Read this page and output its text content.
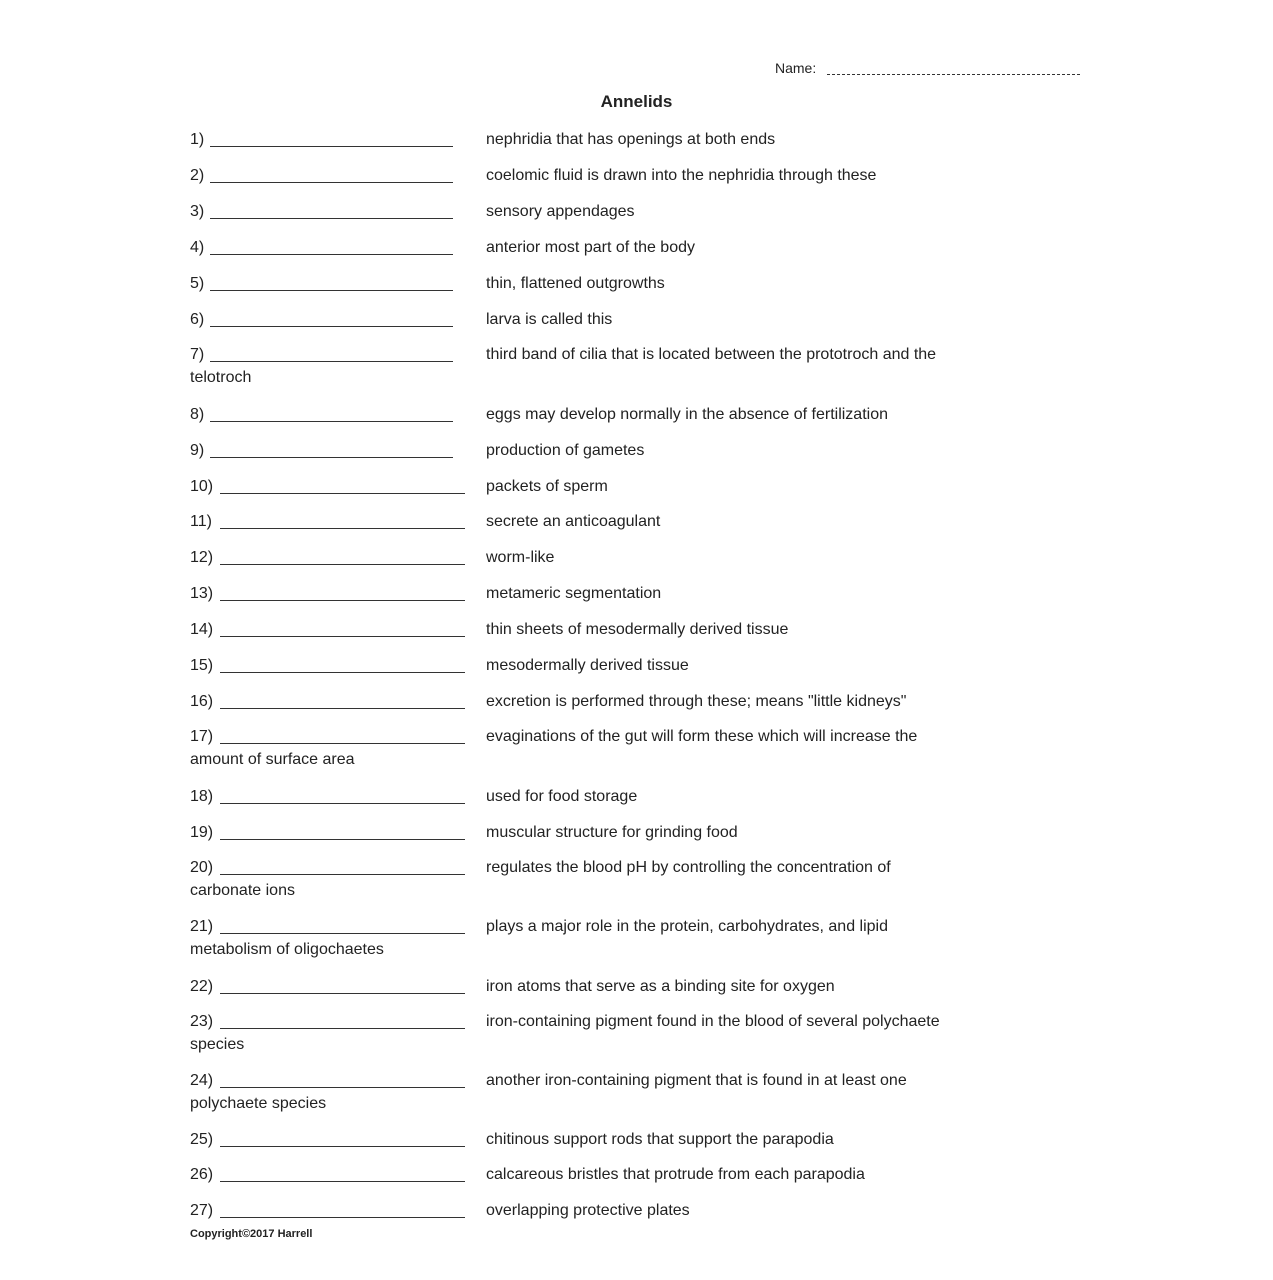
Name:
Annelids
1)	nephridia that has openings at both ends
2)	coelomic fluid is drawn into the nephridia through these
3)	sensory appendages
4)	anterior most part of the body
5)	thin, flattened outgrowths
6)	larva is called this
7)	third band of cilia that is located between the prototroch and the
telotroch
8)	eggs may develop normally in the absence of fertilization
9)	production of gametes
10)	packets of sperm
11)	secrete an anticoagulant
12)	worm-like
13)	metameric segmentation
14)	thin sheets of mesodermally derived tissue
15)	mesodermally derived tissue
16)	excretion is performed through these; means "little kidneys"
17)	evaginations of the gut will form these which will increase the
amount of surface area
18)	used for food storage
19)	muscular structure for grinding food
20)	regulates the blood pH by controlling the concentration of
carbonate ions
21)	plays a major role in the protein, carbohydrates, and lipid
metabolism of oligochaetes
22)	iron atoms that serve as a binding site for oxygen
23)	iron-containing pigment found in the blood of several polychaete
species
24)	another iron-containing pigment that is found in at least one
polychaete species
25)	chitinous support rods that support the parapodia
26)	calcareous bristles that protrude from each parapodia
27)	overlapping protective plates
Copyright©2017 Harrell
